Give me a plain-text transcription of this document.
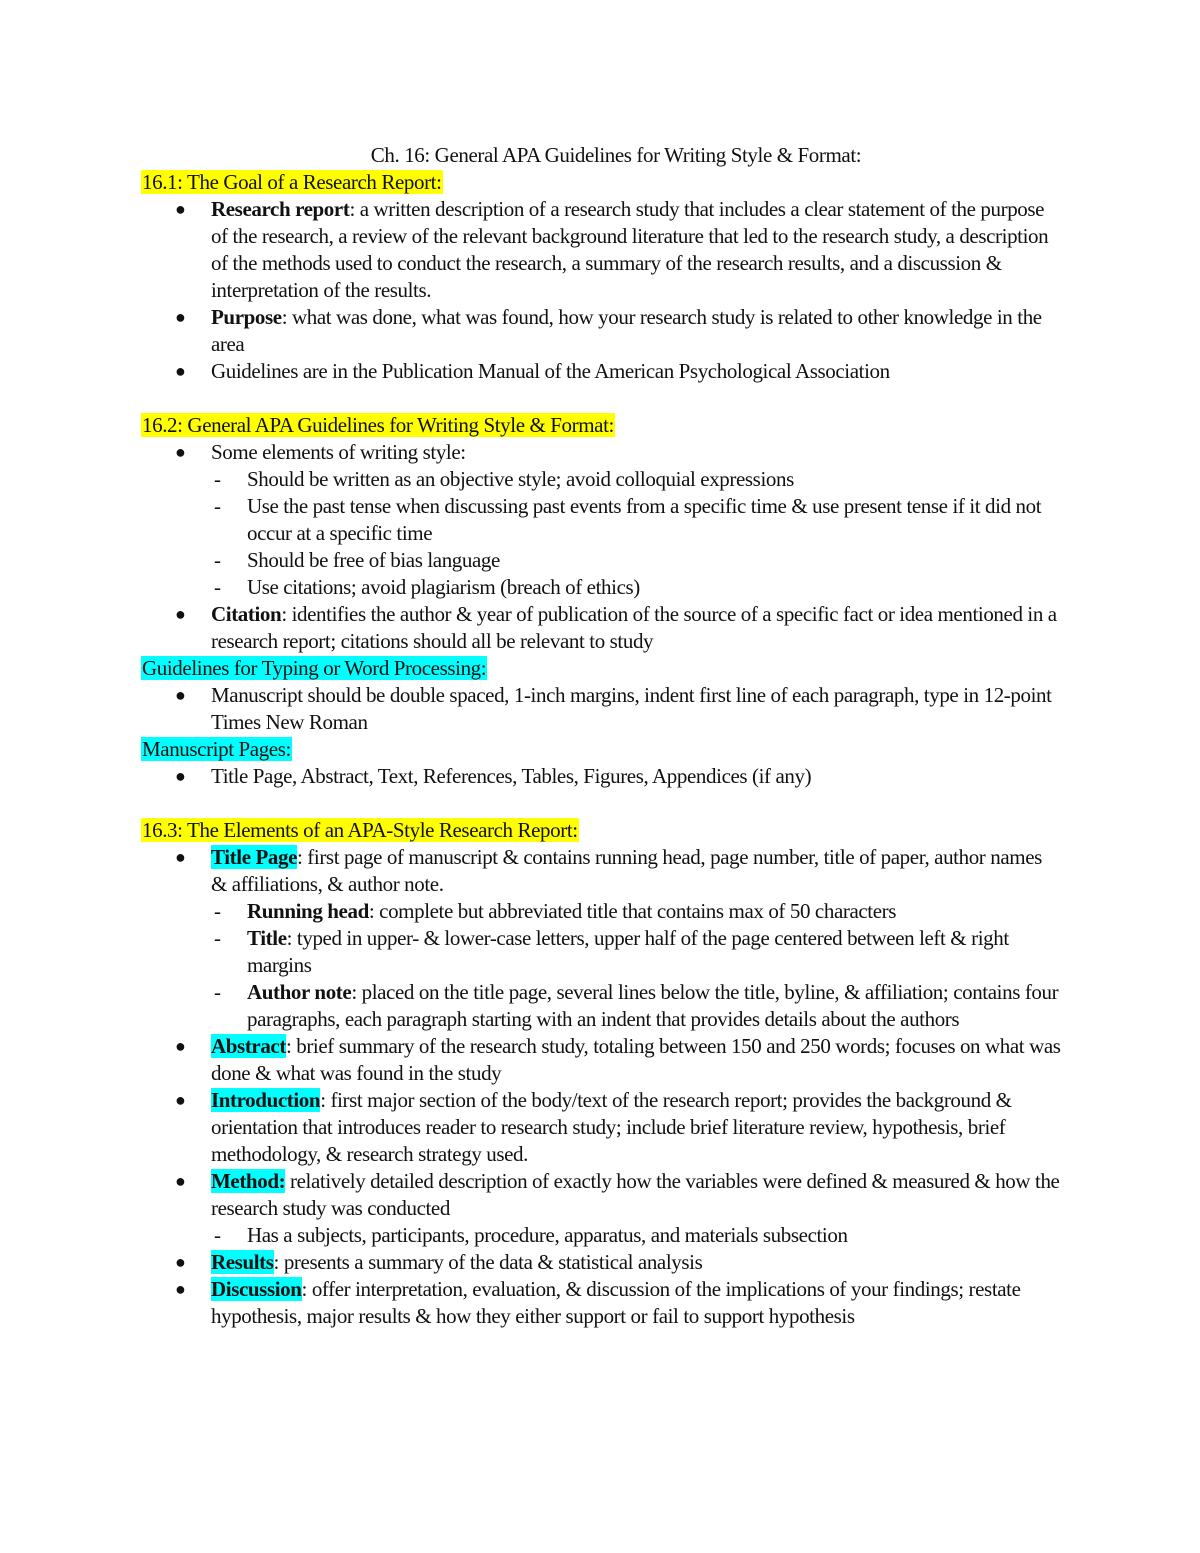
Ch. 16: General APA Guidelines for Writing Style & Format:
16.1: The Goal of a Research Report:
● Research report: a written description of a research study that includes a clear statement of the purpose of the research, a review of the relevant background literature that led to the research study, a description of the methods used to conduct the research, a summary of the research results, and a discussion & interpretation of the results.
● Purpose: what was done, what was found, how your research study is related to other knowledge in the area
● Guidelines are in the Publication Manual of the American Psychological Association
16.2: General APA Guidelines for Writing Style & Format:
● Some elements of writing style:
- Should be written as an objective style; avoid colloquial expressions
- Use the past tense when discussing past events from a specific time & use present tense if it did not occur at a specific time
- Should be free of bias language
- Use citations; avoid plagiarism (breach of ethics)
● Citation: identifies the author & year of publication of the source of a specific fact or idea mentioned in a research report; citations should all be relevant to study
Guidelines for Typing or Word Processing:
● Manuscript should be double spaced, 1-inch margins, indent first line of each paragraph, type in 12-point Times New Roman
Manuscript Pages:
● Title Page, Abstract, Text, References, Tables, Figures, Appendices (if any)
16.3: The Elements of an APA-Style Research Report:
● Title Page: first page of manuscript & contains running head, page number, title of paper, author names & affiliations, & author note.
- Running head: complete but abbreviated title that contains max of 50 characters
- Title: typed in upper- & lower-case letters, upper half of the page centered between left & right margins
- Author note: placed on the title page, several lines below the title, byline, & affiliation; contains four paragraphs, each paragraph starting with an indent that provides details about the authors
● Abstract: brief summary of the research study, totaling between 150 and 250 words; focuses on what was done & what was found in the study
● Introduction: first major section of the body/text of the research report; provides the background & orientation that introduces reader to research study; include brief literature review, hypothesis, brief methodology, & research strategy used.
● Method: relatively detailed description of exactly how the variables were defined & measured & how the research study was conducted
- Has a subjects, participants, procedure, apparatus, and materials subsection
● Results: presents a summary of the data & statistical analysis
● Discussion: offer interpretation, evaluation, & discussion of the implications of your findings; restate hypothesis, major results & how they either support or fail to support hypothesis
